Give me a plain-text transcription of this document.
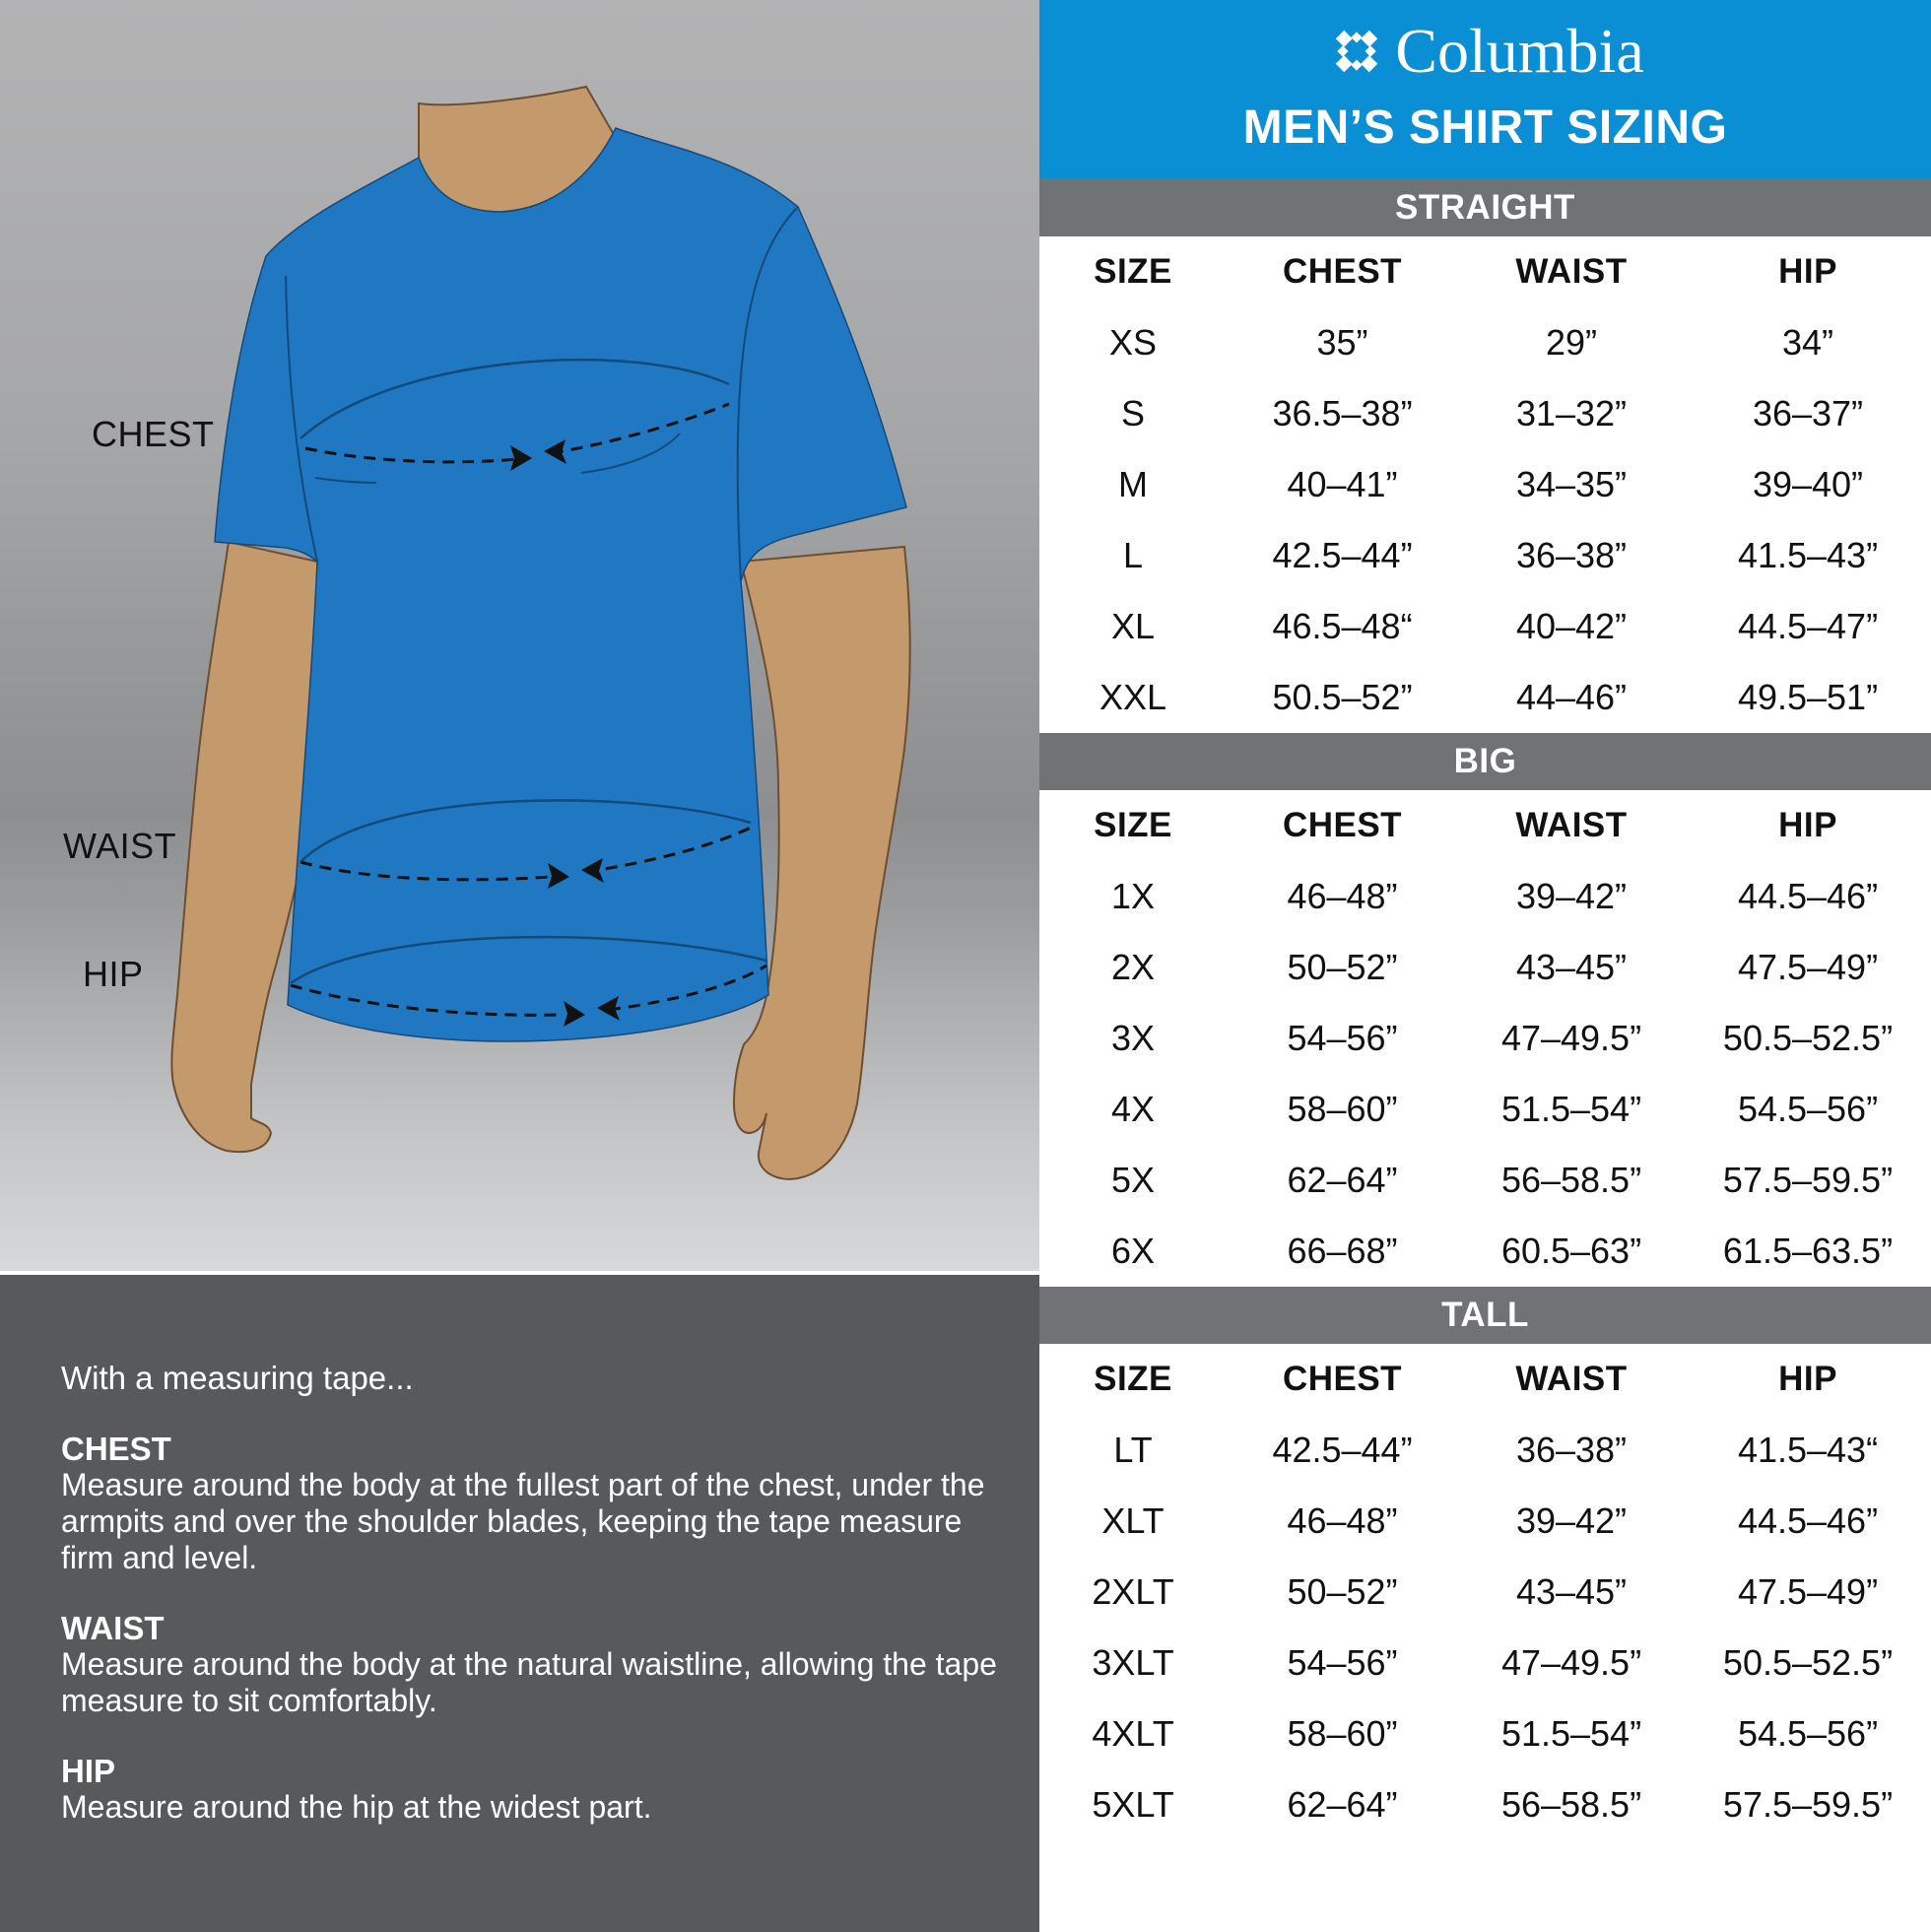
CHEST
WAIST
HIP
With a measuring tape...
CHEST
Measure around the body at the fullest part of the chest, under the armpits and over the shoulder blades, keeping the tape measure firm and level.
WAIST
Measure around the body at the natural waistline, allowing the tape measure to sit comfortably.
HIP
Measure around the hip at the widest part.
Columbia
MEN’S SHIRT SIZING
STRAIGHT
SIZE	CHEST	WAIST	HIP
XS	35”	29”	34”
S	36.5–38”	31–32”	36–37”
M	40–41”	34–35”	39–40”
L	42.5–44”	36–38”	41.5–43”
XL	46.5–48“	40–42”	44.5–47”
XXL	50.5–52”	44–46”	49.5–51”
BIG
SIZE	CHEST	WAIST	HIP
1X	46–48”	39–42”	44.5–46”
2X	50–52”	43–45”	47.5–49”
3X	54–56”	47–49.5”	50.5–52.5”
4X	58–60”	51.5–54”	54.5–56”
5X	62–64”	56–58.5”	57.5–59.5”
6X	66–68”	60.5–63”	61.5–63.5”
TALL
SIZE	CHEST	WAIST	HIP
LT	42.5–44”	36–38”	41.5–43“
XLT	46–48”	39–42”	44.5–46”
2XLT	50–52”	43–45”	47.5–49”
3XLT	54–56”	47–49.5”	50.5–52.5”
4XLT	58–60”	51.5–54”	54.5–56”
5XLT	62–64”	56–58.5”	57.5–59.5”
